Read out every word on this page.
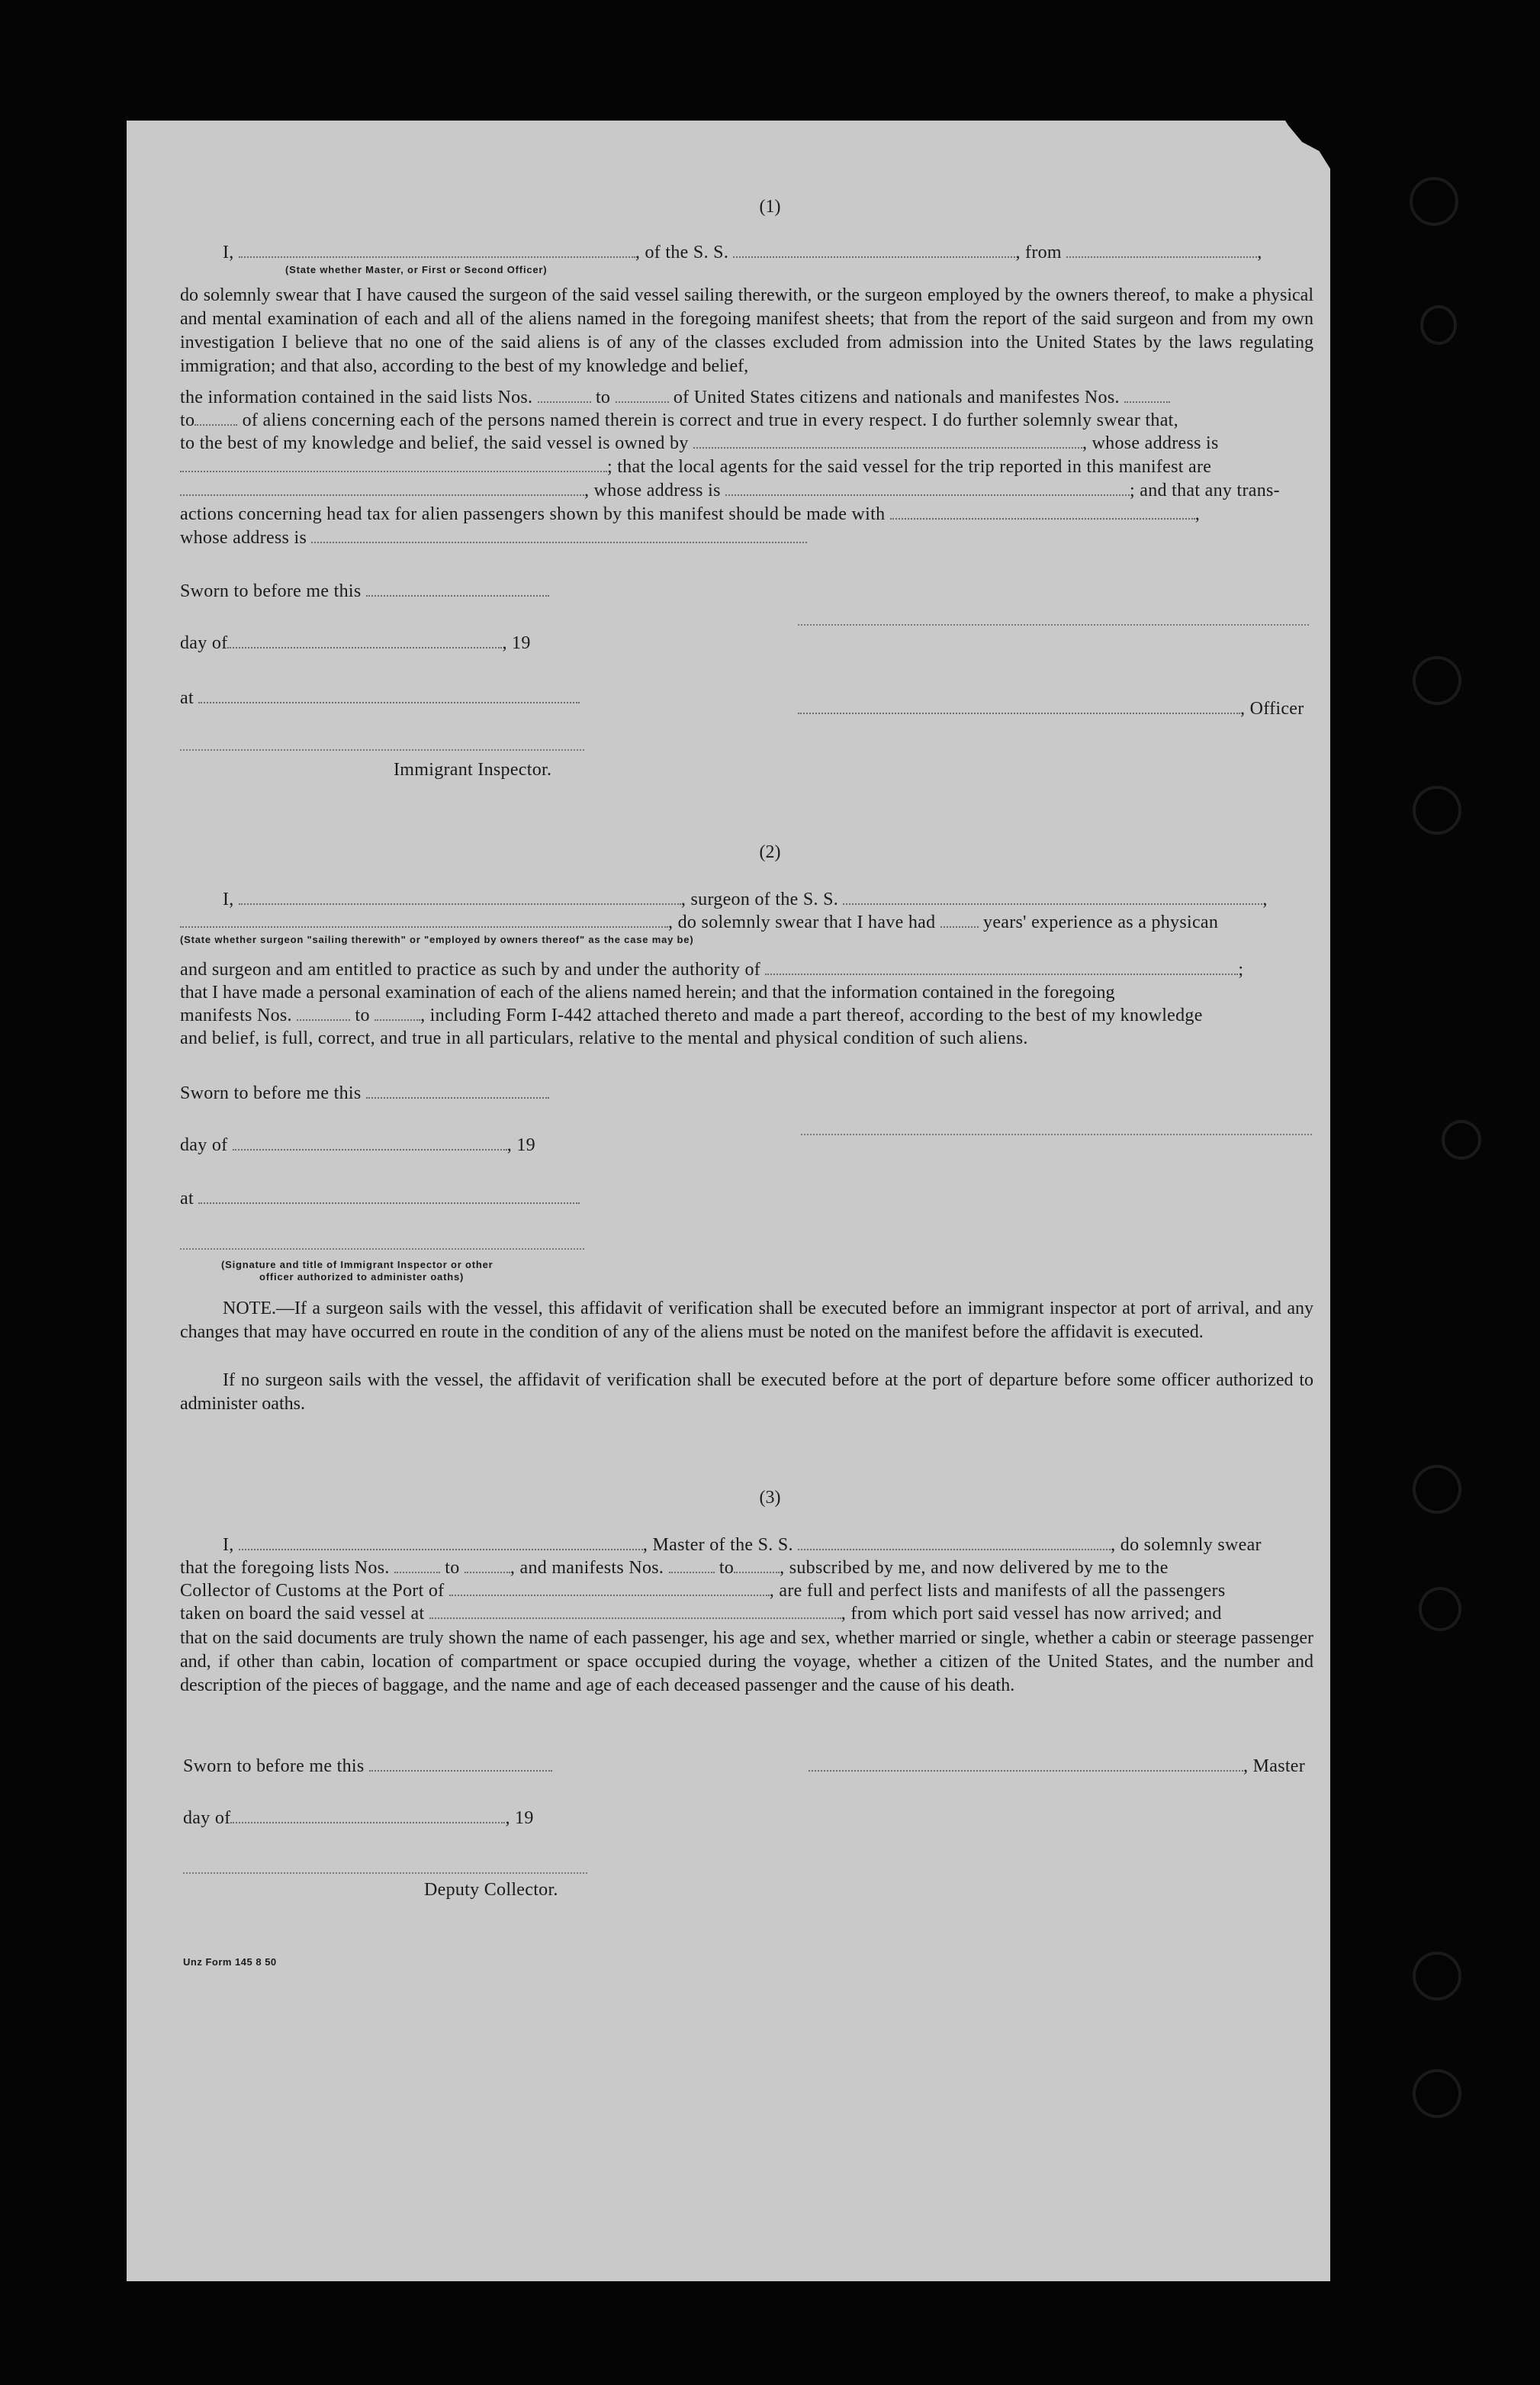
(1)
I,	, of the S. S.	, from	,
(State whether Master, or First or Second Officer)
do solemnly swear that I have caused the surgeon of the said vessel sailing therewith, or the surgeon employed by the owners thereof, to make a physical and mental examination of each and all of the aliens named in the foregoing manifest sheets; that from the report of the said surgeon and from my own investigation I believe that no one of the said aliens is of any of the classes excluded from admission into the United States by the laws regulating immigration; and that also, according to the best of my knowledge and belief,
the information contained in the said lists Nos.	to	of United States citizens and nationals and manifestes Nos.
to	of aliens concerning each of the persons named therein is correct and true in every respect. I do further solemnly swear that,
to the best of my knowledge and belief, the said vessel is owned by	, whose address is
; that the local agents for the said vessel for the trip reported in this manifest are
, whose address is	; and that any trans-
actions concerning head tax for alien passengers shown by this manifest should be made with	,
whose address is
Sworn to before me this
day of	, 19
at
, Officer
Immigrant Inspector.
(2)
I,	, surgeon of the S. S.	,
, do solemnly swear that I have had	years' experience as a physican
(State whether surgeon "sailing therewith" or "employed by owners thereof" as the case may be)
and surgeon and am entitled to practice as such by and under the authority of	;
that I have made a personal examination of each of the aliens named herein; and that the information contained in the foregoing
manifests Nos.	to	, including Form I-442 attached thereto and made a part thereof, according to the best of my knowledge
and belief, is full, correct, and true in all particulars, relative to the mental and physical condition of such aliens.
Sworn to before me this
day of	, 19
at
(Signature and title of Immigrant Inspector or other
officer authorized to administer oaths)
NOTE.—If a surgeon sails with the vessel, this affidavit of verification shall be executed before an immigrant inspector at port of arrival, and any changes that may have occurred en route in the condition of any of the aliens must be noted on the manifest before the affidavit is executed.
If no surgeon sails with the vessel, the affidavit of verification shall be executed before at the port of departure before some officer authorized to administer oaths.
(3)
I,	, Master of the S. S.	, do solemnly swear
that the foregoing lists Nos.	to	, and manifests Nos.	to	, subscribed by me, and now delivered by me to the
Collector of Customs at the Port of	, are full and perfect lists and manifests of all the passengers
taken on board the said vessel at	, from which port said vessel has now arrived; and
that on the said documents are truly shown the name of each passenger, his age and sex, whether married or single, whether a cabin or steerage passenger and, if other than cabin, location of compartment or space occupied during the voyage, whether a citizen of the United States, and the number and description of the pieces of baggage, and the name and age of each deceased passenger and the cause of his death.
Sworn to before me this	, Master
day of	, 19
Deputy Collector.
Unz Form 145 8 50
